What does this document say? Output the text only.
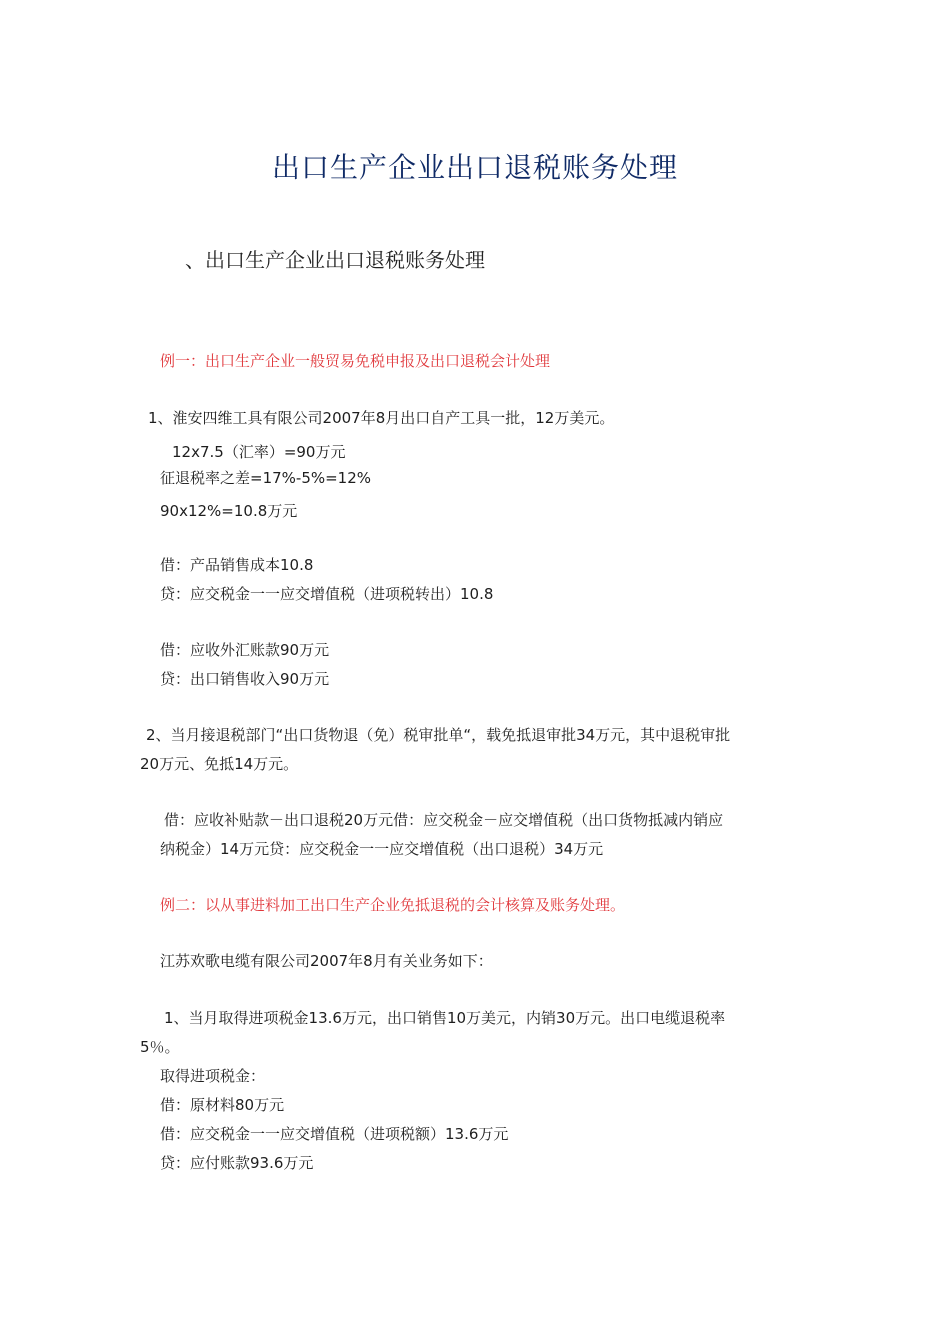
出口生产企业出口退税账务处理
、出口生产企业出口退税账务处理
例一：出口生产企业一般贸易免税申报及出口退税会计处理
1、淮安四维工具有限公司2007年8月出口自产工具一批，12万美元。
12x7.5（汇率）=90万元
征退税率之差=17%-5%=12%
90x12%=10.8万元
借：产品销售成本10.8
贷：应交税金一一应交增值税（进项税转出）10.8
借：应收外汇账款90万元
贷：出口销售收入90万元
2、当月接退税部门“出口货物退（免）税审批单“，载免抵退审批34万元，其中退税审批
20万元、免抵14万元。
借：应收补贴款－出口退税20万元借：应交税金－应交增值税（出口货物抵减内销应
纳税金）14万元贷：应交税金一一应交增值税（出口退税）34万元
例二：以从事进料加工出口生产企业免抵退税的会计核算及账务处理。
江苏欢歌电缆有限公司2007年8月有关业务如下：
1、当月取得进项税金13.6万元，出口销售10万美元，内销30万元。出口电缆退税率
5％。
取得进项税金：
借：原材料80万元
借：应交税金一一应交增值税（进项税额）13.6万元
贷：应付账款93.6万元
